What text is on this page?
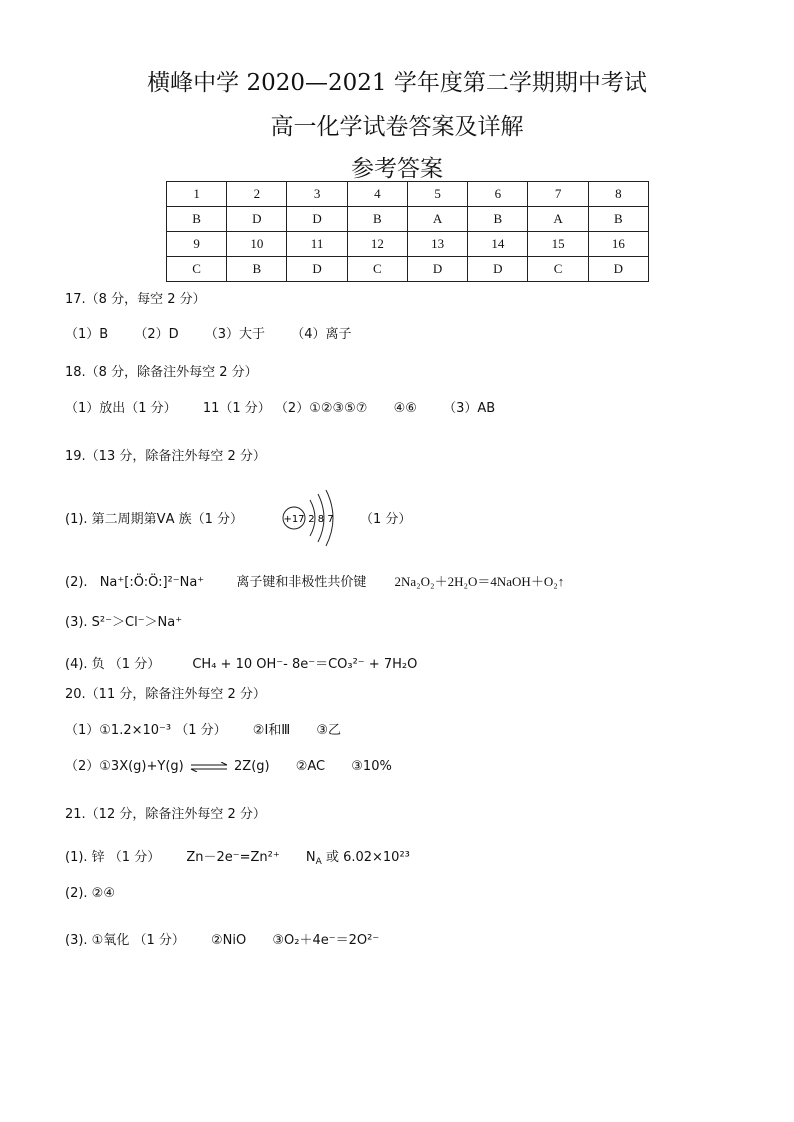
横峰中学 2020—2021 学年度第二学期期中考试
高一化学试卷答案及详解
参考答案
1	2	3	4	5	6	7	8
B	D	D	B	A	B	A	B
9	10	11	12	13	14	15	16
C	B	D	C	D	D	C	D
17.（8 分，每空 2 分）
（1）B （2）D （3）大于 （4）离子
18.（8 分，除备注外每空 2 分）
（1）放出（1 分） 11（1 分） （2）①②③⑤⑦ ④⑥ （3）AB
19.（13 分，除备注外每空 2 分）
(1). 第二周期第ⅤA 族（1 分）	+17 2 8 7 （1 分）
(2). Na⁺[:Ö:Ö:]²⁻Na⁺ 离子键和非极性共价键 2Na₂O₂＋2H₂O＝4NaOH＋O₂↑
(3). S²⁻＞Cl⁻＞Na⁺
(4). 负 （1 分） CH₄ + 10 OH⁻- 8e⁻＝CO₃²⁻ + 7H₂O
20.（11 分，除备注外每空 2 分）
（1）①1.2×10⁻³ （1 分） ②Ⅰ和Ⅲ ③乙
（2）①3X(g)+Y(g) ⇌ 2Z(g) ②AC ③10%
21.（12 分，除备注外每空 2 分）
(1). 锌 （1 分） Zn－2e⁻=Zn²⁺ NA 或 6.02×10²³
(2). ②④
(3). ①氧化 （1 分） ②NiO ③O₂＋4e⁻＝2O²⁻
